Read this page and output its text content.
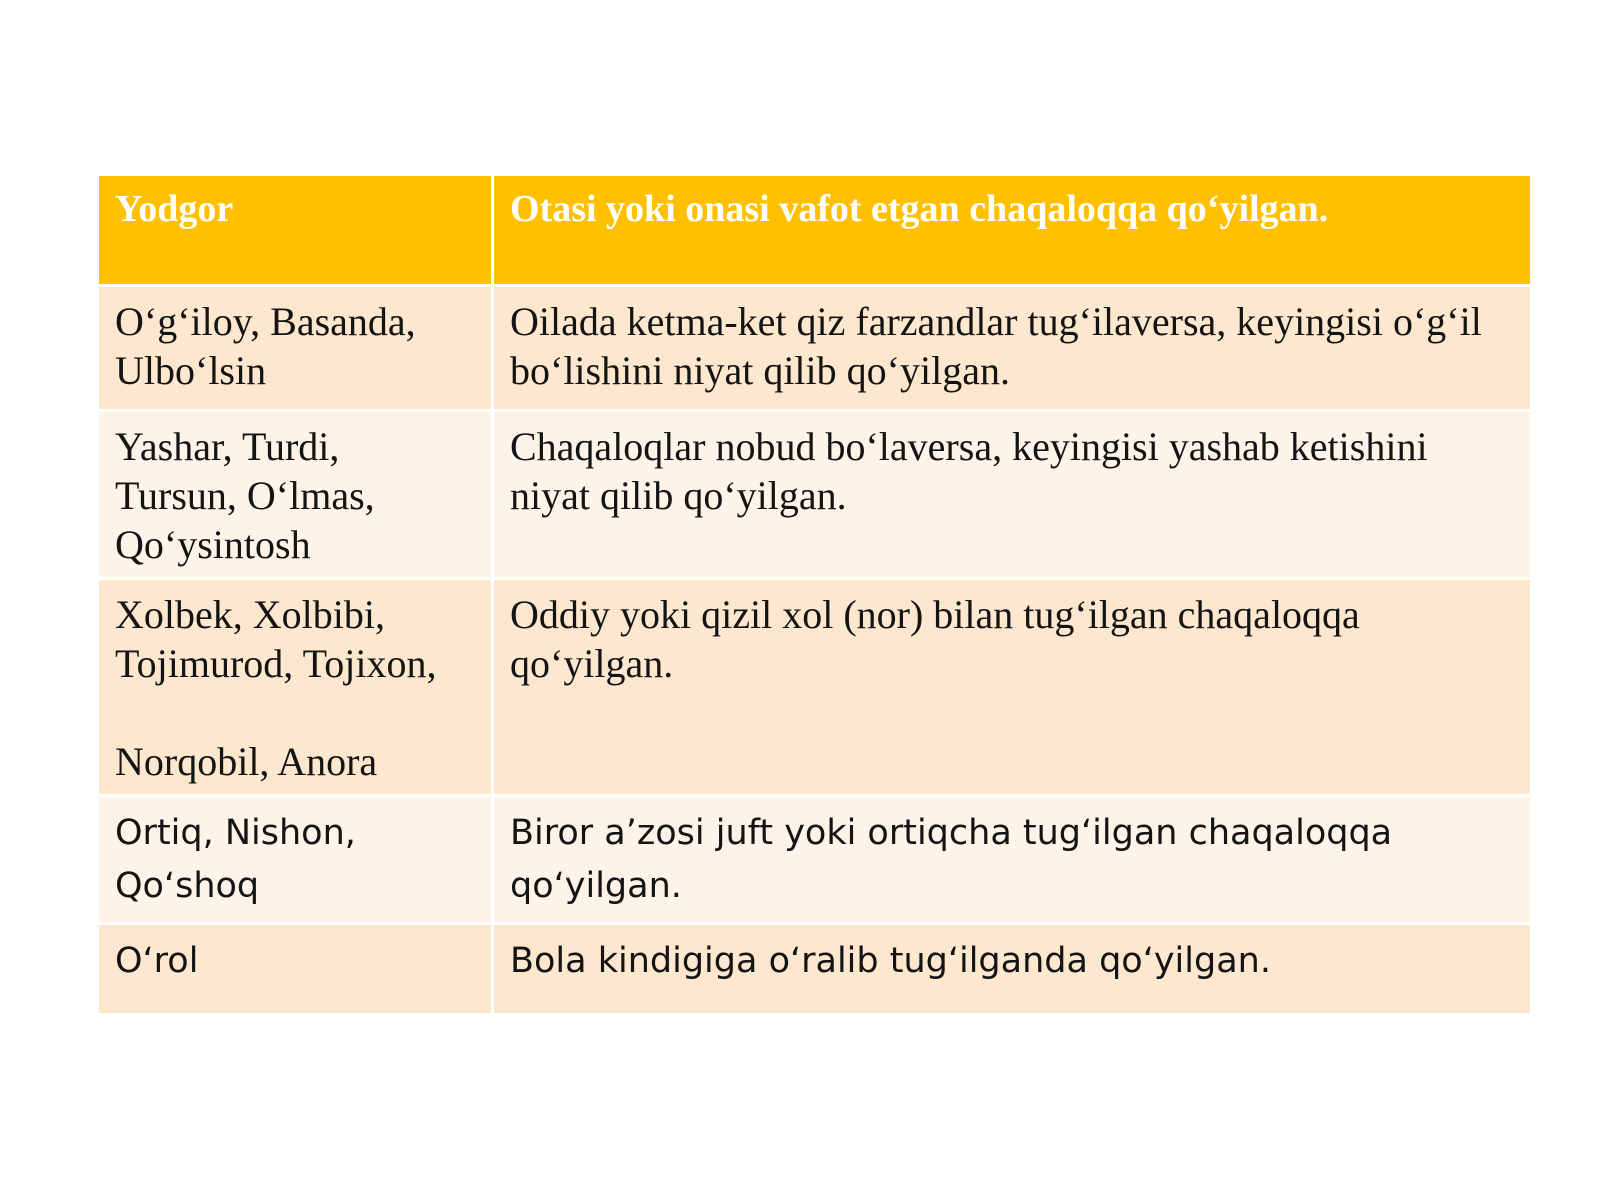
Yodgor	Otasi yoki onasi vafot etgan chaqaloqqa qo‘yilgan.

O‘g‘iloy, Basanda,
Ulbo‘lsin	Oilada ketma-ket qiz farzandlar tug‘ilaversa, keyingisi o‘g‘il bo‘lishini niyat qilib qo‘yilgan.

Yashar, Turdi,
Tursun, O‘lmas,
Qo‘ysintosh	Chaqaloqlar nobud bo‘laversa, keyingisi yashab ketishini niyat qilib qo‘yilgan.

Xolbek, Xolbibi,
Tojimurod, Tojixon,
Norqobil, Anora	Oddiy yoki qizil xol (nor) bilan tug‘ilgan chaqaloqqa qo‘yilgan.

Ortiq, Nishon,
Qo‘shoq	Biror a’zosi juft yoki ortiqcha tug‘ilgan chaqaloqqa qo‘yilgan.

O‘rol	Bola kindigiga o‘ralib tug‘ilganda qo‘yilgan.
